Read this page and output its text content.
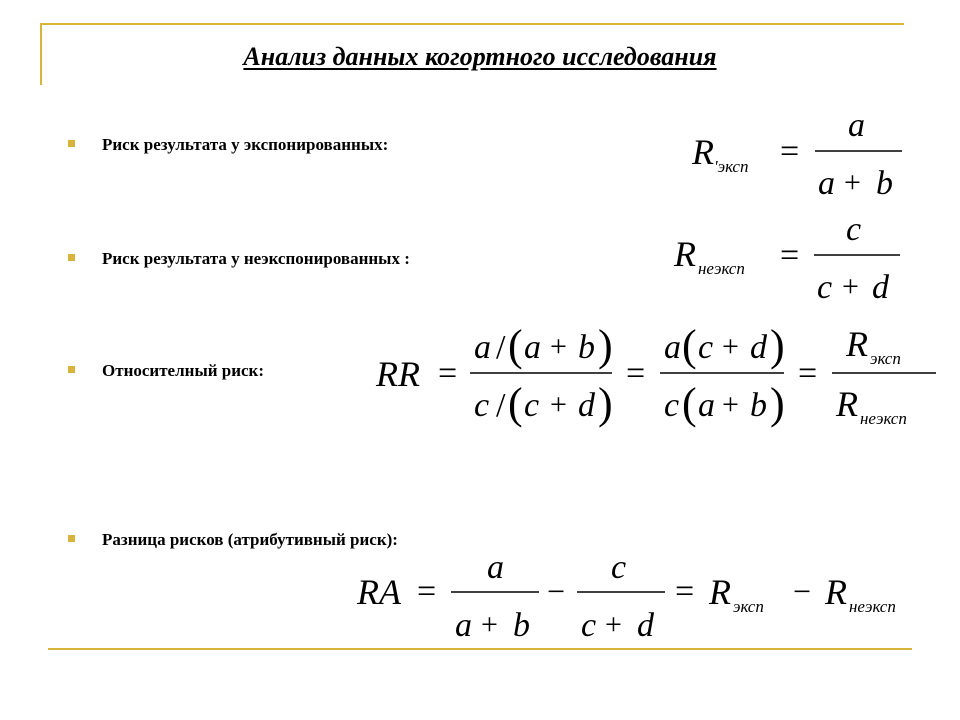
Анализ данных когортного исследования
Риск результата у экспонированных:
Риск результата у неэкспонированных :
Относителный риск:
Разница рисков (атрибутивный риск):
R 'эксп =
a
a + b
R неэксп =
c
c + d
RR =
a / ( a + b )
c / ( c + d )
=
a ( c + d )
c ( a + b )
=
R эксп
R неэксп
RA =
a
a + b
−
c
c + d
= R эксп − R неэксп
